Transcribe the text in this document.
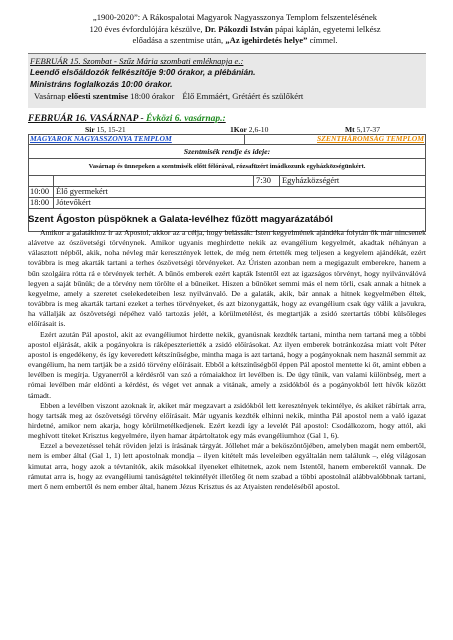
„1900-2020”: A Rákospalotai Magyarok Nagyasszonya Templom felszentelésének
120 éves évfordulójára készülve, Dr. Pákozdi István pápai káplán, egyetemi lelkész
előadása a szentmise után, „Az igehirdetés helye” címmel.
FEBRUÁR 15. Szombat - Szűz Mária szombati emléknapja e.:
Leendő elsőáldozók felkészítője 9:00 órakor, a plébánián.
Ministráns foglalkozás 10:00 órakor.
Vasárnap előesti szentmise 18:00 órakor Élő Emmáért, Grétáért és szülőkért
FEBRUÁR 16. VASÁRNAP - Évközi 6. vasárnap.:
Sir 15, 15-21	1Kor 2,6-10	Mt 5,17-37
MAGYAROK NAGYASSZONYA TEMPLOM	SZENTHÁROMSÁG TEMPLOM
Szentmisék rendje és ideje:
Vasárnap és ünnepeken a szentmisék előtt félórával, rózsafüzért imádkozunk egyházközségünkért.
7:30 Egyházközségért
10:00 Élő gyermekért
18:00 Jótevőkért
Szent Ágoston püspöknek a Galata-levélhez fűzött magyarázatából

Amikor a galatákhoz ír az Apostol, akkor az a célja, hogy belássák: Isten kegyelmének ajándéka folytán ők már nincsenek alávetve az ószövetségi törvénynek. Amikor ugyanis meghirdette nekik az evangélium kegyelmét, akadtak néhányan a választott népből, akik, noha névleg már keresztények lettek, de még nem értették meg teljesen a kegyelem ajándékát, ezért továbbra is meg akarták tartani a terhes ószövetségi törvényeket. Az Úristen azonban nem a megigazult emberekre, hanem a bűn szolgáira rótta rá e törvények terhét. A bűnös emberek ezért kapták Istentől ezt az igazságos törvényt, hogy nyilvánválóvá legyen a saját bűnük; de a törvény nem törölte el a bűneiket. Hiszen a bűnöket semmi más el nem törli, csak annak a hitnek a kegyelme, amely a szeretet cselekedeteiben lesz nyilvánvaló. De a galaták, akik, bár annak a hitnek kegyelmében éltek, továbbra is meg akarták tartani ezeket a terhes törvényeket, és azt bizonygatták, hogy az evangélium csak úgy válik a javukra, ha vállalják az ószövetségi népéhez való tartozás jelét, a körülmetélést, és megtartják a zsidó szertartás többi külsőleges előírásait is.

Ezért azután Pál apostol, akit az evangéliumot hirdette nekik, gyanúsnak kezdték tartani, mintha nem tartaná meg a többi apostol eljárását, akik a pogányokra is ráképeszteriették a zsidó előírásokat. Az ilyen emberek botránkozása miatt volt Péter apostol is engedékeny, és így keveredett kétszínűségbe, mintha maga is azt tartaná, hogy a pogányoknak nem használ semmit az evangélium, ha nem tartják be a zsidó törvény előírásait. Ebből a kétszínűségből éppen Pál apostol mentette ki őt, amint ebben a levélben is megírja. Ugyanerről a kérdésről van szó a rómaiakhoz írt levélben is. De úgy tűnik, van valami különbség, mert a római levélben már eldönti a kérdést, és véget vet annak a vitának, amely a zsidókból és a pogányokból lett hívők között támadt.

Ebben a levélben viszont azoknak ír, akiket már megzavart a zsidókból lett keresztények tekintélye, és akiket rábírtak arra, hogy tartsák meg az ószövetségi törvény előírásait. Már ugyanis kezdték elhinni nekik, mintha Pál apostol nem a való igazat hirdetné, amikor nem akarja, hogy körülmetélkedjenek. Ezért kezdi így a levelét Pál apostol: Csodálkozom, hogy attól, aki meghívott titeket Krisztus kegyelmére, ilyen hamar átpártoltatok egy más evangéliumhoz (Gal 1, 6).

Ezzel a bevezetéssel tehát röviden jelzi is írásának tárgyát. Jóllehet már a beköszöntőjében, amelyben magát nem embertől, nem is ember által (Gal 1, 1) lett apostolnak mondja – ilyen kitételt más leveleiben egyáltalán nem találunk –, elég világosan kimutat arra, hogy azok a tévtanítók, akik másokkal ilyeneket elhitetnek, azok nem Istentől, hanem emberektől vannak. De rámutat arra is, hogy az evangéliumi tanúságtétel tekintélyét illetőleg őt nem szabad a többi apostolnál alábbvalóbbnak tartani, mert ő nem embertől és nem ember által, hanem Jézus Krisztus és az Atyaisten rendeléséből apostol.
